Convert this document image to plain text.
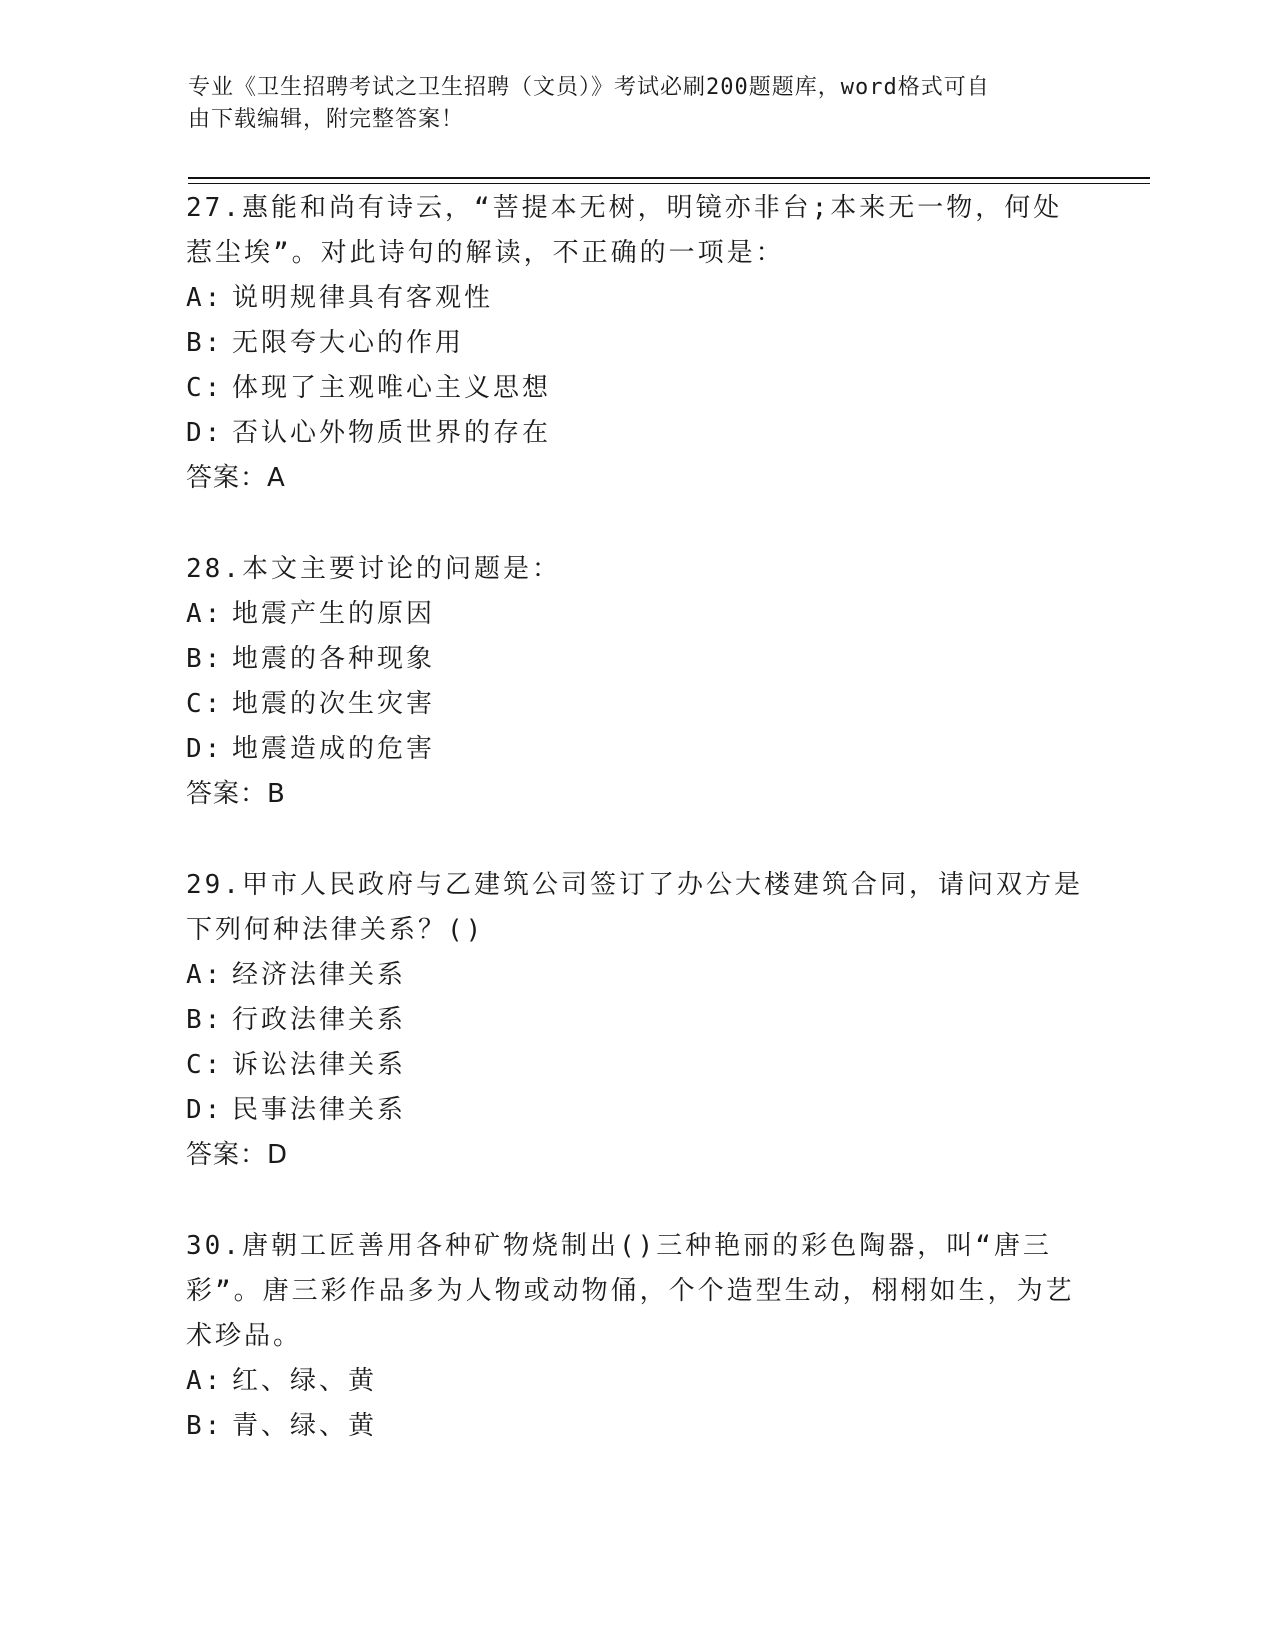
专业《卫生招聘考试之卫生招聘（文员）》考试必刷200题题库，word格式可自
由下载编辑，附完整答案！
27.惠能和尚有诗云，“菩提本无树，明镜亦非台;本来无一物，何处惹尘埃”。对此诗句的解读，不正确的一项是：
A: 说明规律具有客观性
B: 无限夸大心的作用
C: 体现了主观唯心主义思想
D: 否认心外物质世界的存在
答案：A
28.本文主要讨论的问题是：
A: 地震产生的原因
B: 地震的各种现象
C: 地震的次生灾害
D: 地震造成的危害
答案：B
29.甲市人民政府与乙建筑公司签订了办公大楼建筑合同，请问双方是下列何种法律关系？()
A: 经济法律关系
B: 行政法律关系
C: 诉讼法律关系
D: 民事法律关系
答案：D
30.唐朝工匠善用各种矿物烧制出()三种艳丽的彩色陶器，叫“唐三彩”。唐三彩作品多为人物或动物俑，个个造型生动，栩栩如生，为艺术珍品。
A: 红、绿、黄
B: 青、绿、黄
